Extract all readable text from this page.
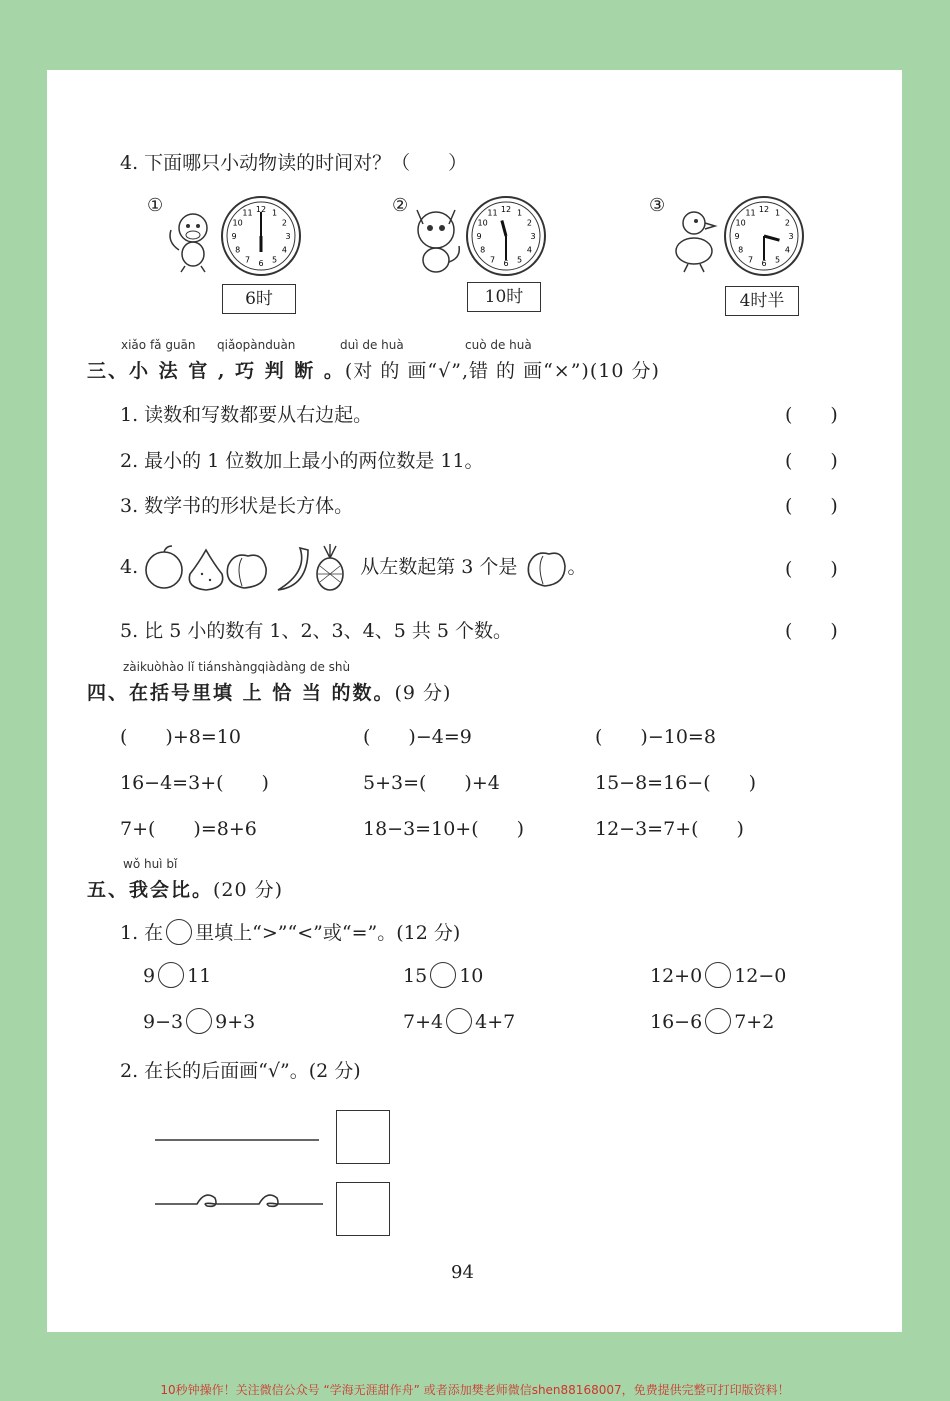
4. 下面哪只小动物读的时间对？（　　）
①	1
2
3
4
5
6
7
8
9
10
11 12
6时
②	1
2
3
4
5
6
7
8
9
10
11 12
10时
③	1
2
3
4
5
6
7
8
9
10
11 12
4时半
xiǎo fǎ guān qiǎopànduàn	duì de huà	cuò de huà
三、小 法 官 , 巧 判 断 。(对 的 画“√”,错 的 画“×”)(10 分)
1. 读数和写数都要从右边起。	(　　)
2. 最小的 1 位数加上最小的两位数是 11。	(　　)
3. 数学书的形状是长方体。	(　　)
4.	从左数起第 3 个是	。	(　　)
5. 比 5 小的数有 1、2、3、4、5 共 5 个数。	(　　)
zàikuòhào lǐ tiánshàngqiàdàng de shù
四、在括号里填 上 恰 当 的数。(9 分)
(　　)+8=10	(　　)−4=9	(　　)−10=8
16−4=3+(　　)	5+3=(　　)+4	15−8=16−(　　)
7+(　　)=8+6	18−3=10+(　　)	12−3=7+(　　)
wǒ huì bǐ
五、我会比。(20 分)
1. 在 里填上“>”“<”或“=”。(12 分)
9 11	15 10	12+0 12−0
9−3 9+3	7+4 4+7	16−6 7+2
2. 在长的后面画“√”。(2 分)
94
10秒钟操作！关注微信公众号 “学海无涯甜作舟” 或者添加樊老师微信shen88168007，免费提供完整可打印版资料！
